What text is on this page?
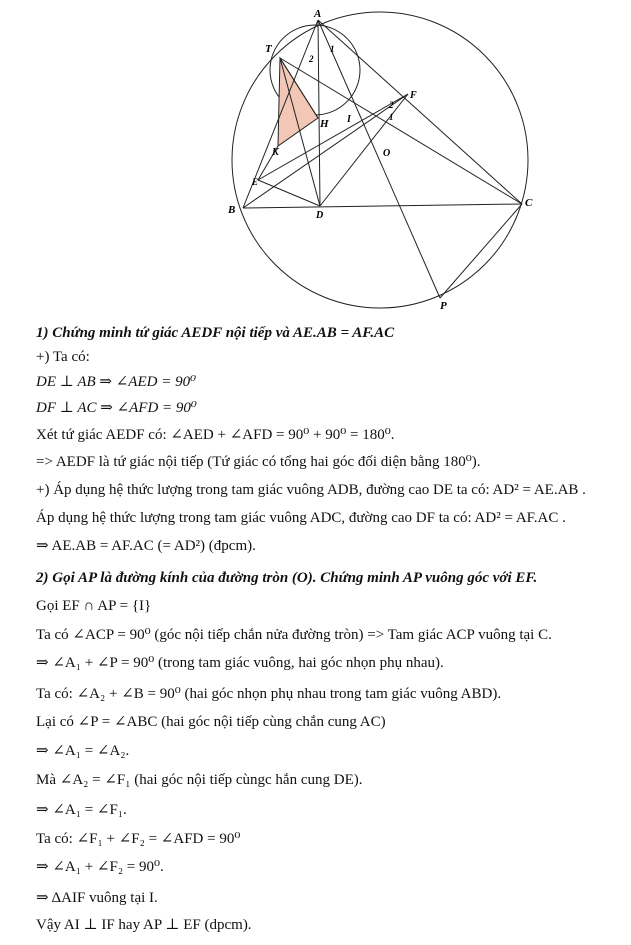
A
T
F
H I
O
K
E
B	D
C
P
1
2
2
1
1) Chứng minh tứ giác AEDF nội tiếp và AE.AB = AF.AC
+) Ta có:
DE ⊥ AB ⇒ ∠AED = 90⁰
DF ⊥ AC ⇒ ∠AFD = 90⁰
Xét tứ giác AEDF có: ∠AED + ∠AFD = 90⁰ + 90⁰ = 180⁰.
=> AEDF là tứ giác nội tiếp (Tứ giác có tổng hai góc đối diện bằng 180⁰).
+) Áp dụng hệ thức lượng trong tam giác vuông ADB, đường cao DE ta có: AD² = AE.AB .
Áp dụng hệ thức lượng trong tam giác vuông ADC, đường cao DF ta có: AD² = AF.AC .
⇒ AE.AB = AF.AC (= AD²) (đpcm).
2) Gọi AP là đường kính của đường tròn (O). Chứng minh AP vuông góc với EF.
Gọi EF ∩ AP = {I}
Ta có ∠ACP = 90⁰ (góc nội tiếp chắn nửa đường tròn) => Tam giác ACP vuông tại C.
⇒ ∠A₁ + ∠P = 90⁰ (trong tam giác vuông, hai góc nhọn phụ nhau).
Ta có: ∠A₂ + ∠B = 90⁰ (hai góc nhọn phụ nhau trong tam giác vuông ABD).
Lại có ∠P = ∠ABC (hai góc nội tiếp cùng chắn cung AC)
⇒ ∠A₁ = ∠A₂.
Mà ∠A₂ = ∠F₁ (hai góc nội tiếp cùngc hắn cung DE).
⇒ ∠A₁ = ∠F₁.
Ta có: ∠F₁ + ∠F₂ = ∠AFD = 90⁰
⇒ ∠A₁ + ∠F₂ = 90⁰.
⇒ ΔAIF vuông tại I.
Vậy AI ⊥ IF hay AP ⊥ EF (dpcm).
